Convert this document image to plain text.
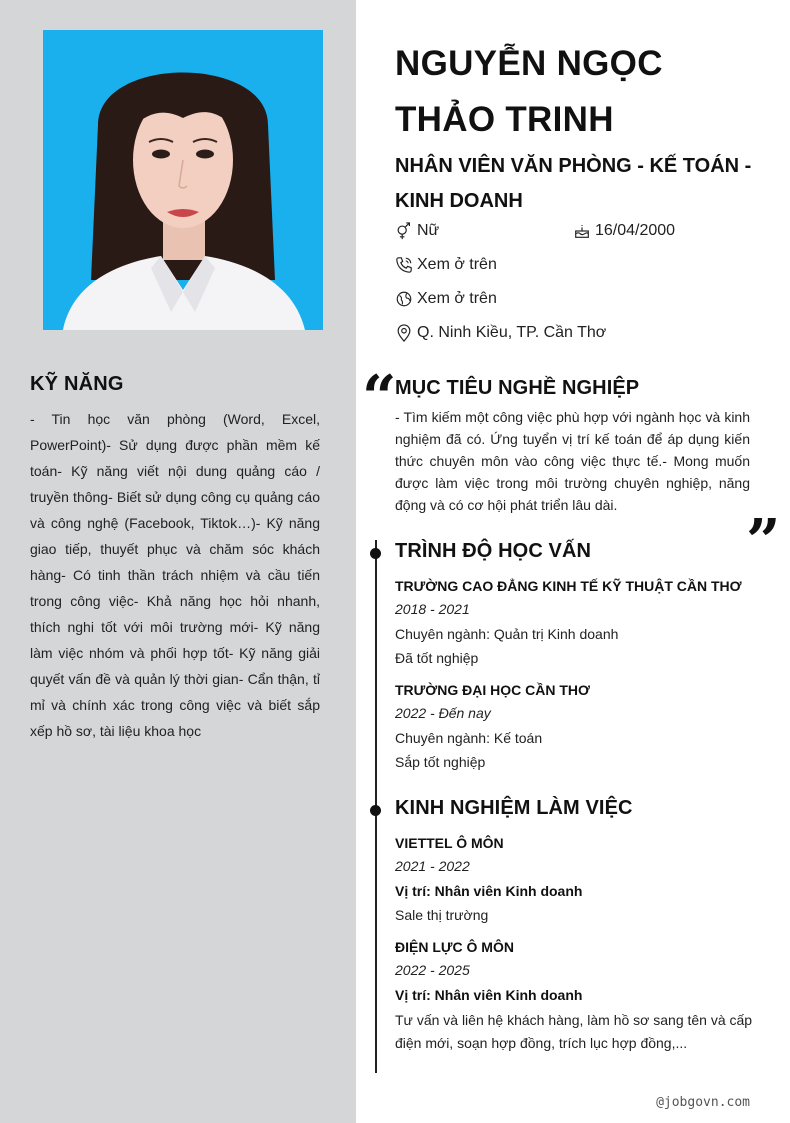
KỸ NĂNG
- Tin học văn phòng (Word, Excel, PowerPoint)- Sử dụng được phần mềm kế toán- Kỹ năng viết nội dung quảng cáo / truyền thông- Biết sử dụng công cụ quảng cáo và công nghệ (Facebook, Tiktok…)- Kỹ năng giao tiếp, thuyết phục và chăm sóc khách hàng- Có tinh thần trách nhiệm và cầu tiến trong công việc- Khả năng học hỏi nhanh, thích nghi tốt với môi trường mới- Kỹ năng làm việc nhóm và phối hợp tốt- Kỹ năng giải quyết vấn đề và quản lý thời gian- Cẩn thận, tỉ mỉ và chính xác trong công việc và biết sắp xếp hồ sơ, tài liệu khoa học
NGUYỄN NGỌC THẢO TRINH
NHÂN VIÊN VĂN PHÒNG - KẾ TOÁN - KINH DOANH
Nữ	16/04/2000
Xem ở trên
Xem ở trên
Q. Ninh Kiều, TP. Cần Thơ
“
”
MỤC TIÊU NGHỀ NGHIỆP
- Tìm kiếm một công việc phù hợp với ngành học và kinh nghiệm đã có. Ứng tuyển vị trí kế toán để áp dụng kiến thức chuyên môn vào công việc thực tế.- Mong muốn được làm việc trong môi trường chuyên nghiệp, năng động và có cơ hội phát triển lâu dài.
TRÌNH ĐỘ HỌC VẤN
TRƯỜNG CAO ĐẲNG KINH TẾ KỸ THUẬT CẦN THƠ
2018 - 2021
Chuyên ngành: Quản trị Kinh doanh
Đã tốt nghiệp
TRƯỜNG ĐẠI HỌC CẦN THƠ
2022 - Đến nay
Chuyên ngành: Kế toán
Sắp tốt nghiệp
KINH NGHIỆM LÀM VIỆC
VIETTEL Ô MÔN
2021 - 2022
Vị trí: Nhân viên Kinh doanh
Sale thị trường
ĐIỆN LỰC Ô MÔN
2022 - 2025
Vị trí: Nhân viên Kinh doanh
Tư vấn và liên hệ khách hàng, làm hồ sơ sang tên và cấp điện mới, soạn hợp đồng, trích lục hợp đồng,...
@jobgovn.com
